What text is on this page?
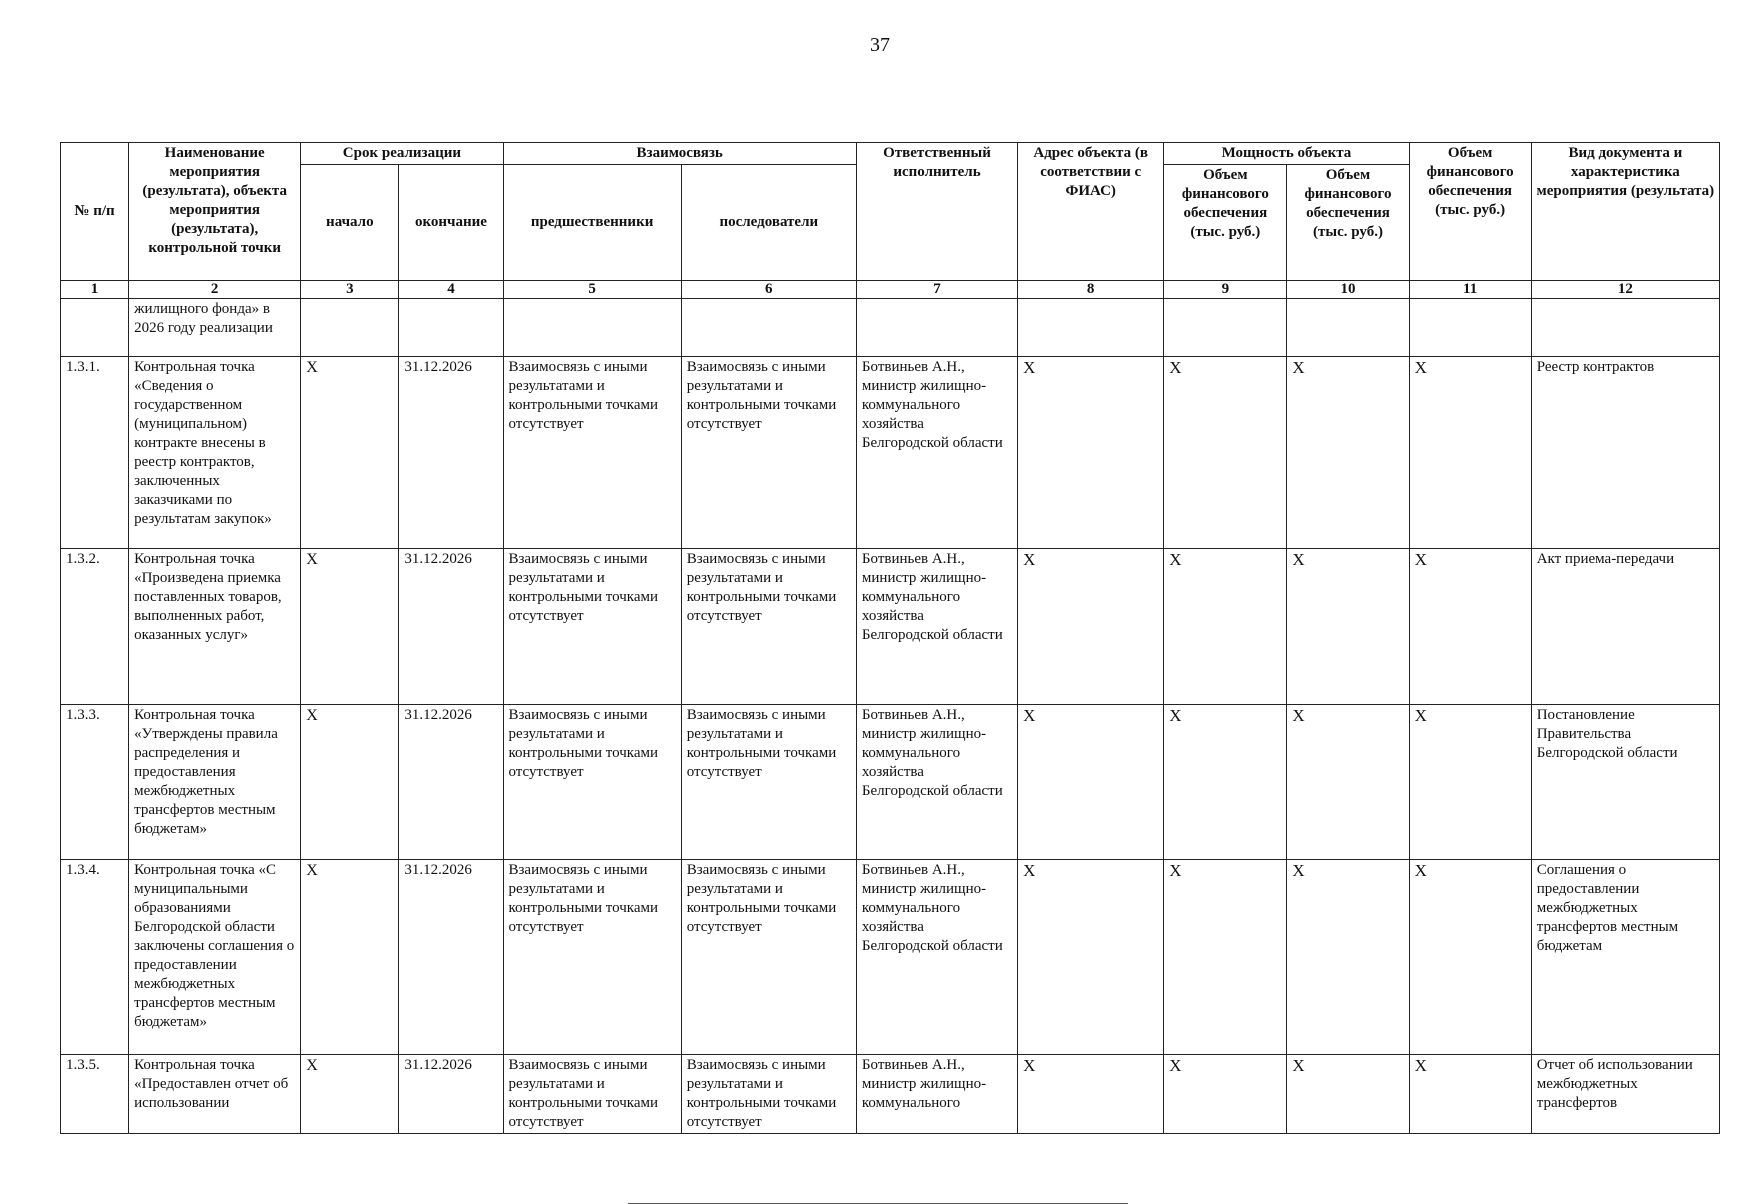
37
№ п/п	Наименование мероприятия (результата), объекта мероприятия (результата), контрольной точки	Срок реализации		Взаимосвязь		Ответственный исполнитель	Адрес объекта (в соответствии с ФИАС)	Мощность объекта		Объем финансового обеспечения (тыс. руб.)	Вид документа и характеристика мероприятия (результата)
		начало	окончание	предшественники	последователи			Объем финансового обеспечения (тыс. руб.)	Объем финансового обеспечения (тыс. руб.)		
1	2	3	4	5	6	7	8	9	10	11	12
	жилищного фонда» в 2026 году реализации										
1.3.1.	Контрольная точка «Сведения о государственном (муниципальном) контракте внесены в реестр контрактов, заключенных заказчиками по результатам закупок»	X	31.12.2026	Взаимосвязь с иными результатами и контрольными точками отсутствует	Взаимосвязь с иными результатами и контрольными точками отсутствует	Ботвиньев А.Н., министр жилищно-коммунального хозяйства Белгородской области	X	X	X	X	Реестр контрактов
1.3.2.	Контрольная точка «Произведена приемка поставленных товаров, выполненных работ, оказанных услуг»	X	31.12.2026	Взаимосвязь с иными результатами и контрольными точками отсутствует	Взаимосвязь с иными результатами и контрольными точками отсутствует	Ботвиньев А.Н., министр жилищно-коммунального хозяйства Белгородской области	X	X	X	X	Акт приема-передачи
1.3.3.	Контрольная точка «Утверждены правила распределения и предоставления межбюджетных трансфертов местным бюджетам»	X	31.12.2026	Взаимосвязь с иными результатами и контрольными точками отсутствует	Взаимосвязь с иными результатами и контрольными точками отсутствует	Ботвиньев А.Н., министр жилищно-коммунального хозяйства Белгородской области	X	X	X	X	Постановление Правительства Белгородской области
1.3.4.	Контрольная точка «С муниципальными образованиями Белгородской области заключены соглашения о предоставлении межбюджетных трансфертов местным бюджетам»	X	31.12.2026	Взаимосвязь с иными результатами и контрольными точками отсутствует	Взаимосвязь с иными результатами и контрольными точками отсутствует	Ботвиньев А.Н., министр жилищно-коммунального хозяйства Белгородской области	X	X	X	X	Соглашения о предоставлении межбюджетных трансфертов местным бюджетам
1.3.5.	Контрольная точка «Предоставлен отчет об использовании	X	31.12.2026	Взаимосвязь с иными результатами и контрольными точками отсутствует	Взаимосвязь с иными результатами и контрольными точками отсутствует	Ботвиньев А.Н., министр жилищно-коммунального	X	X	X	X	Отчет об использовании межбюджетных трансфертов
